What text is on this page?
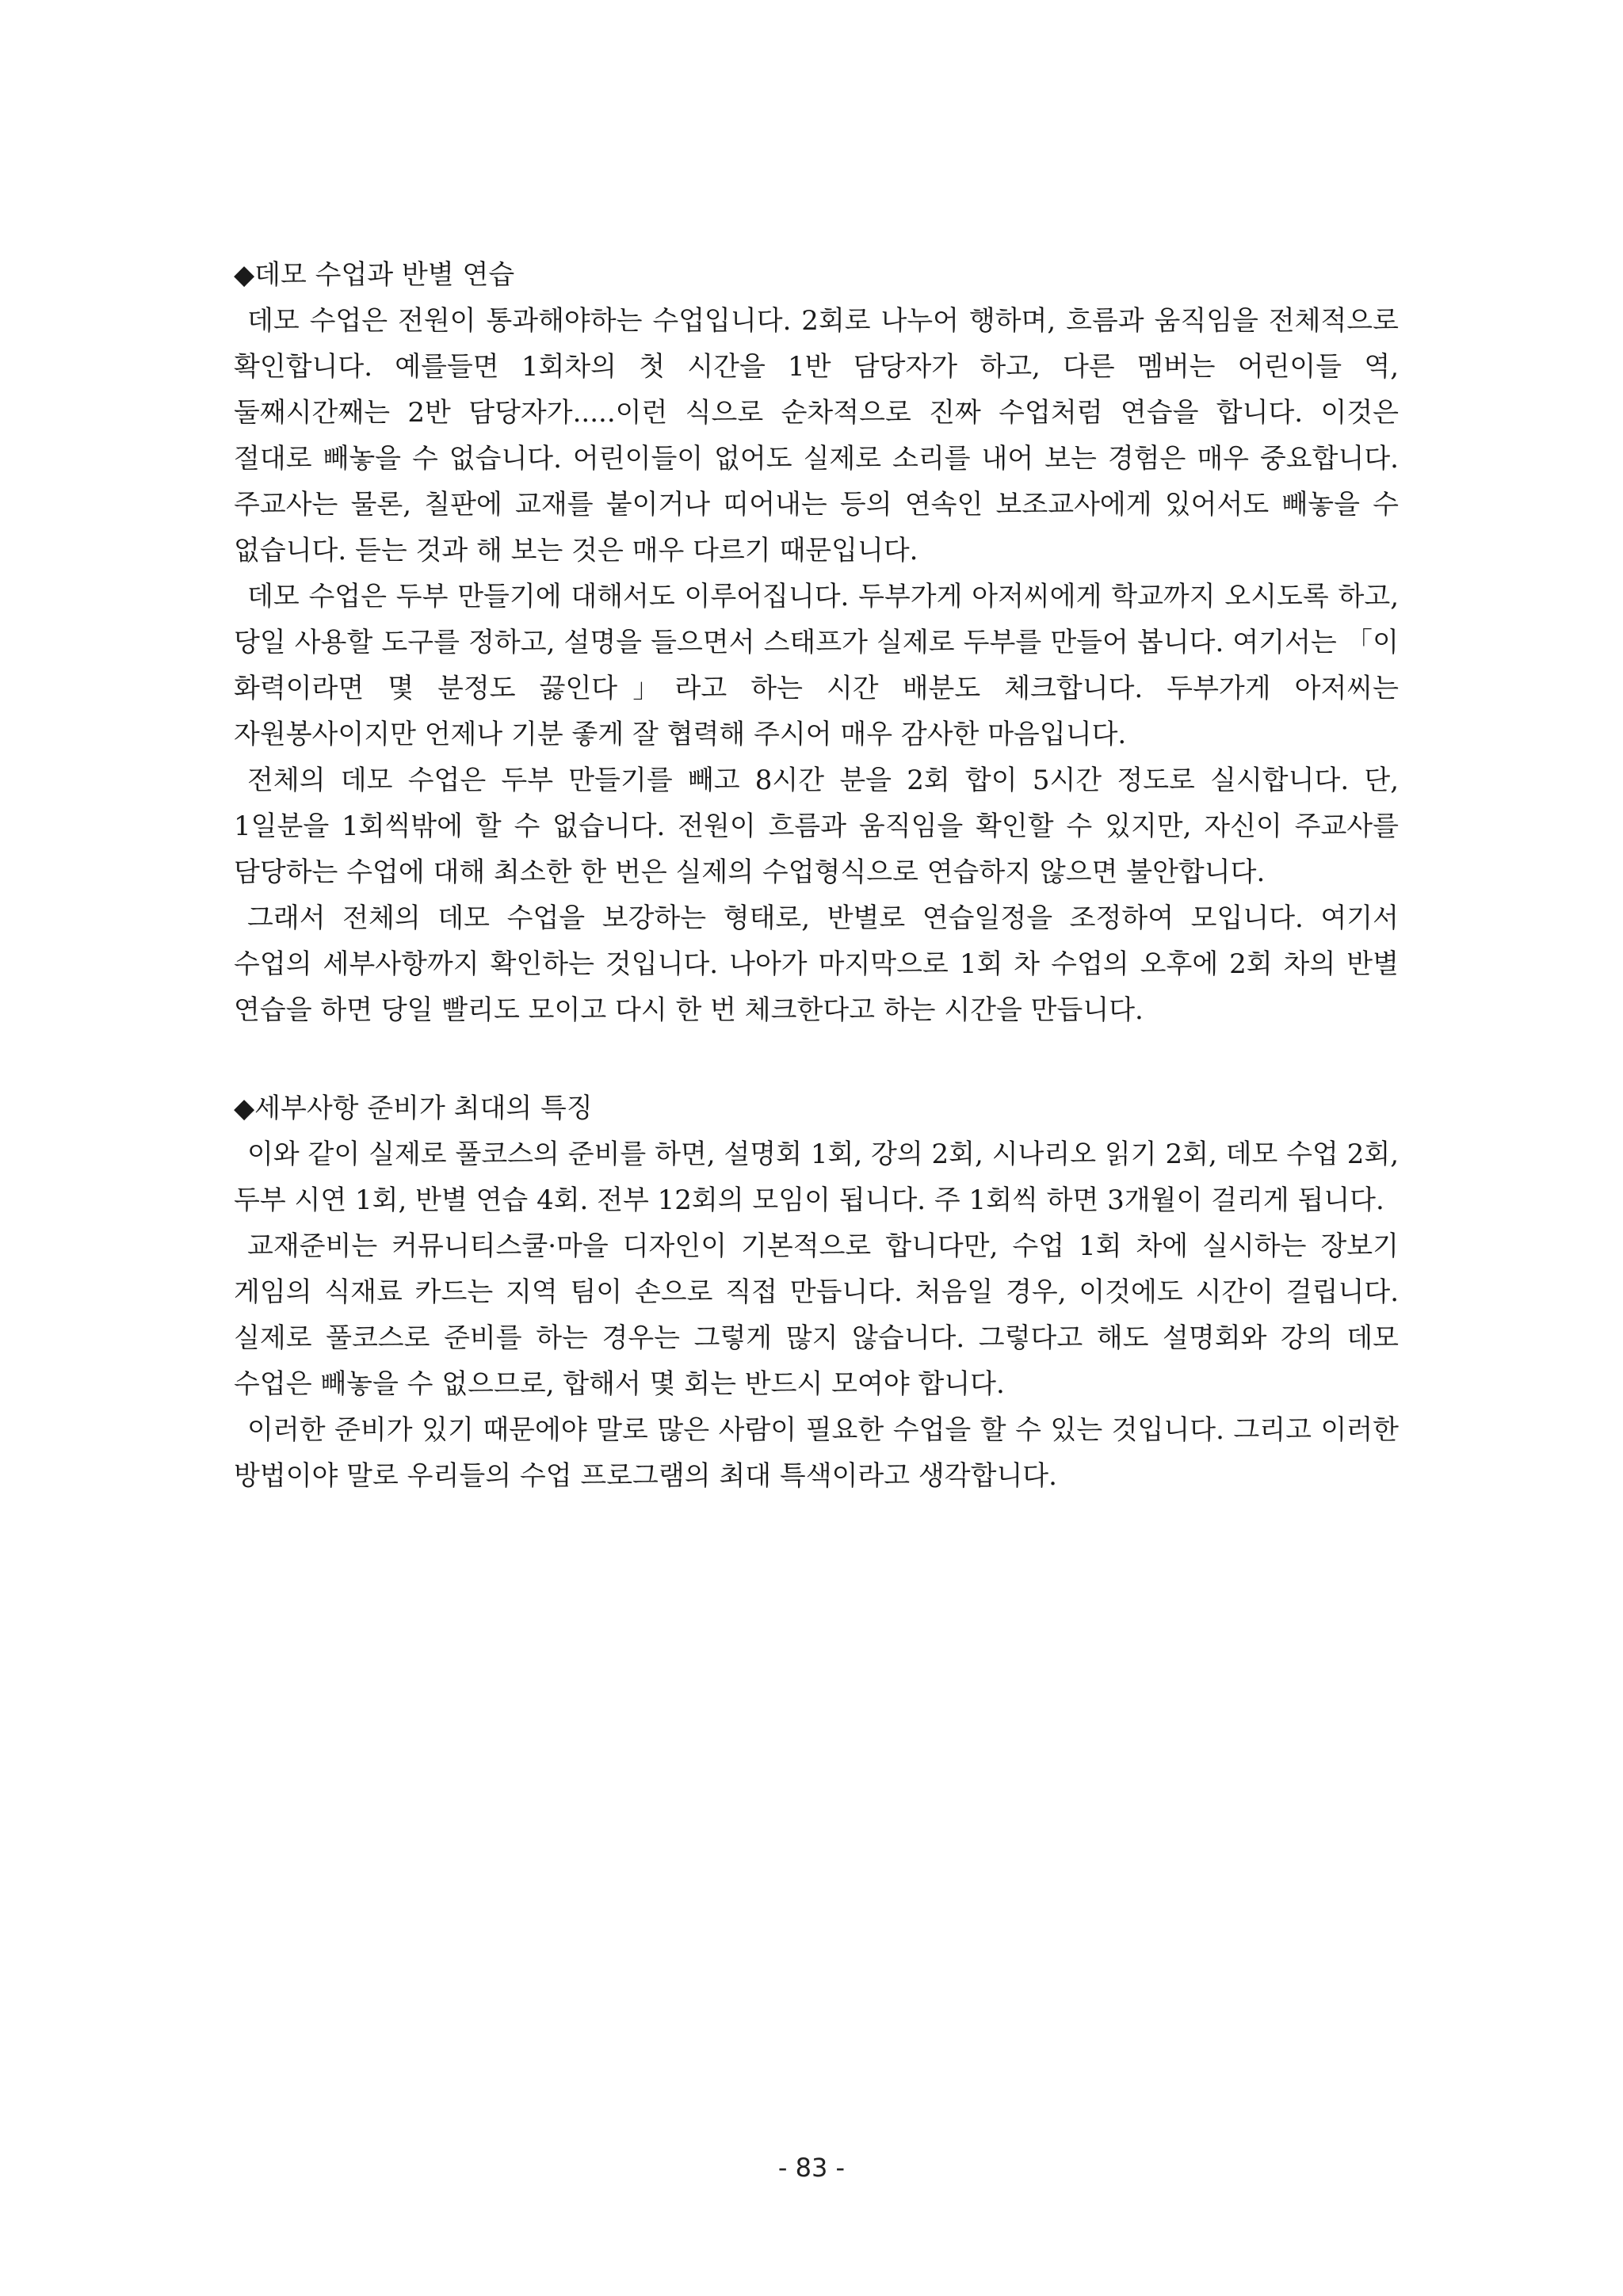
◆데모 수업과 반별 연습

데모 수업은 전원이 통과해야하는 수업입니다. 2회로 나누어 행하며, 흐름과 움직임을 전체적으로 확인합니다. 예를들면 1회차의 첫 시간을 1반 담당자가 하고, 다른 멤버는 어린이들 역, 둘째시간째는 2반 담당자가.....이런 식으로 순차적으로 진짜 수업처럼 연습을 합니다. 이것은 절대로 빼놓을 수 없습니다. 어린이들이 없어도 실제로 소리를 내어 보는 경험은 매우 중요합니다. 주교사는 물론, 칠판에 교재를 붙이거나 띠어내는 등의 연속인 보조교사에게 있어서도 빼놓을 수 없습니다. 듣는 것과 해 보는 것은 매우 다르기 때문입니다.

데모 수업은 두부 만들기에 대해서도 이루어집니다. 두부가게 아저씨에게 학교까지 오시도록 하고, 당일 사용할 도구를 정하고, 설명을 들으면서 스태프가 실제로 두부를 만들어 봅니다. 여기서는 「이 화력이라면 몇 분정도 끓인다」라고 하는 시간 배분도 체크합니다. 두부가게 아저씨는 자원봉사이지만 언제나 기분 좋게 잘 협력해 주시어 매우 감사한 마음입니다.

전체의 데모 수업은 두부 만들기를 빼고 8시간 분을 2회 합이 5시간 정도로 실시합니다. 단, 1일분을 1회씩밖에 할 수 없습니다. 전원이 흐름과 움직임을 확인할 수 있지만, 자신이 주교사를 담당하는 수업에 대해 최소한 한 번은 실제의 수업형식으로 연습하지 않으면 불안합니다.

그래서 전체의 데모 수업을 보강하는 형태로, 반별로 연습일정을 조정하여 모입니다. 여기서 수업의 세부사항까지 확인하는 것입니다. 나아가 마지막으로 1회 차 수업의 오후에 2회 차의 반별 연습을 하면 당일 빨리도 모이고 다시 한 번 체크한다고 하는 시간을 만듭니다.

◆세부사항 준비가 최대의 특징

이와 같이 실제로 풀코스의 준비를 하면, 설명회 1회, 강의 2회, 시나리오 읽기 2회, 데모 수업 2회, 두부 시연 1회, 반별 연습 4회. 전부 12회의 모임이 됩니다. 주 1회씩 하면 3개월이 걸리게 됩니다.

교재준비는 커뮤니티스쿨·마을 디자인이 기본적으로 합니다만, 수업 1회 차에 실시하는 장보기 게임의 식재료 카드는 지역 팀이 손으로 직접 만듭니다. 처음일 경우, 이것에도 시간이 걸립니다. 실제로 풀코스로 준비를 하는 경우는 그렇게 많지 않습니다. 그렇다고 해도 설명회와 강의 데모 수업은 빼놓을 수 없으므로, 합해서 몇 회는 반드시 모여야 합니다.

이러한 준비가 있기 때문에야 말로 많은 사람이 필요한 수업을 할 수 있는 것입니다. 그리고 이러한 방법이야 말로 우리들의 수업 프로그램의 최대 특색이라고 생각합니다.

- 83 -
